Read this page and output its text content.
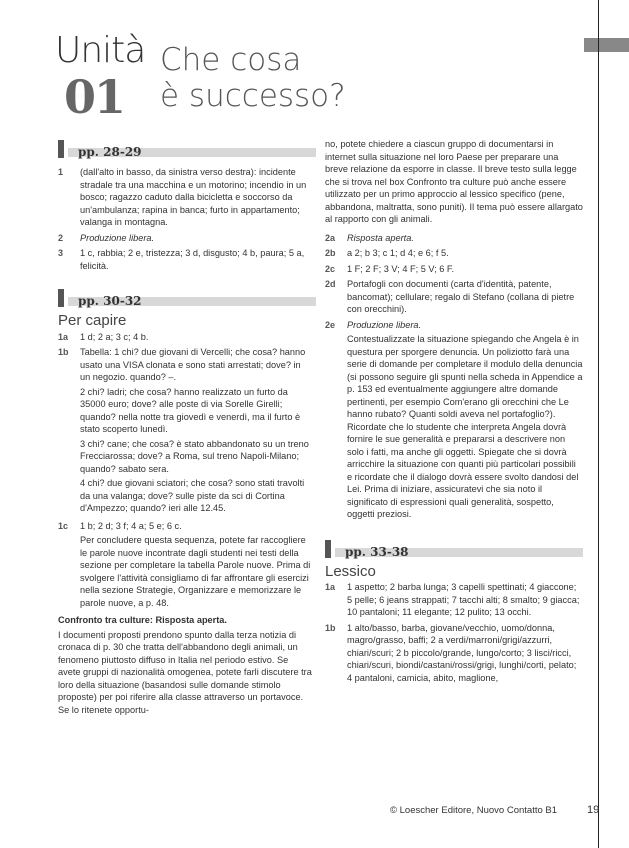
Unità
01
Che cosa
è successo?
pp. 28-29
1	(dall'alto in basso, da sinistra verso destra): incidente stradale tra una macchina e un motorino; incendio in un bosco; ragazzo caduto dalla bicicletta e soccorso da un'ambulanza; rapina in banca; furto in appartamento; valanga in montagna.
2	Produzione libera.
3	1 c, rabbia; 2 e, tristezza; 3 d, disgusto; 4 b, paura; 5 a, felicità.
pp. 30-32
Per capire
1a	1 d; 2 a; 3 c; 4 b.
1b	Tabella: 1 chi? due giovani di Vercelli; che cosa? hanno usato una VISA clonata e sono stati arrestati; dove? in un negozio. quando? –.
2 chi? ladri; che cosa? hanno realizzato un furto da 35000 euro; dove? alle poste di via Sorelle Girelli; quando? nella notte tra giovedì e venerdì, ma il furto è stato scoperto lunedì.
3 chi? cane; che cosa? è stato abbandonato su un treno Frecciarossa; dove? a Roma, sul treno Napoli-Milano; quando? sabato sera.
4 chi? due giovani sciatori; che cosa? sono stati travolti da una valanga; dove? sulle piste da sci di Cortina d'Ampezzo; quando? ieri alle 12.45.
1c	1 b; 2 d; 3 f; 4 a; 5 e; 6 c.
Per concludere questa sequenza, potete far raccogliere le parole nuove incontrate dagli studenti nei testi della sezione per completare la tabella Parole nuove. Prima di svolgere l'attività consigliamo di far affrontare gli esercizi nella sezione Strategie, Organizzare e memorizzare le parole nuove, a p. 48.
Confronto tra culture: Risposta aperta.
I documenti proposti prendono spunto dalla terza notizia di cronaca di p. 30 che tratta dell'abbandono degli animali, un fenomeno piuttosto diffuso in Italia nel periodo estivo. Se avete gruppi di nazionalità omogenea, potete farli discutere tra loro della situazione (basandosi sulle domande stimolo proposte) per poi riferire alla classe attraverso un portavoce. Se lo ritenete opportu-
no, potete chiedere a ciascun gruppo di documentarsi in internet sulla situazione nel loro Paese per preparare una breve relazione da esporre in classe. Il breve testo sulla legge che si trova nel box Confronto tra culture può anche essere utilizzato per un primo approccio al lessico specifico (pene, abbandona, maltratta, sono puniti). Il tema può essere allargato al rapporto con gli animali.
2a	Risposta aperta.
2b	a 2; b 3; c 1; d 4; e 6; f 5.
2c	1 F; 2 F; 3 V; 4 F; 5 V; 6 F.
2d	Portafogli con documenti (carta d'identità, patente, bancomat); cellulare; regalo di Stefano (collana di pietre con orecchini).
2e	Produzione libera.
Contestualizzate la situazione spiegando che Angela è in questura per sporgere denuncia. Un poliziotto farà una serie di domande per completare il modulo della denuncia (si possono seguire gli spunti nella scheda in Appendice a p. 153 ed eventualmente aggiungere altre domande pertinenti, per esempio Com'erano gli orecchini che Le hanno rubato? Quanti soldi aveva nel portafoglio?). Ricordate che lo studente che interpreta Angela dovrà fornire le sue generalità e prepararsi a descrivere non solo i fatti, ma anche gli oggetti. Spiegate che si dovrà arricchire la situazione con quanti più particolari possibili e ricordate che il dialogo dovrà essere svolto dandosi del Lei. Prima di iniziare, assicuratevi che sia noto il significato di espressioni quali generalità, sospetto, oggetti preziosi.
pp. 33-38
Lessico
1a	1 aspetto; 2 barba lunga; 3 capelli spettinati; 4 giaccone; 5 pelle; 6 jeans strappati; 7 tacchi alti; 8 smalto; 9 giacca; 10 pantaloni; 11 elegante; 12 pulito; 13 occhi.
1b	1 alto/basso, barba, giovane/vecchio, uomo/donna, magro/grasso, baffi; 2 a verdi/marroni/grigi/azzurri, chiari/scuri; 2 b piccolo/grande, lungo/corto; 3 lisci/ricci, chiari/scuri, biondi/castani/rossi/grigi, lunghi/corti, pelato; 4 pantaloni, camicia, abito, maglione,
© Loescher Editore, Nuovo Contatto B1	19
